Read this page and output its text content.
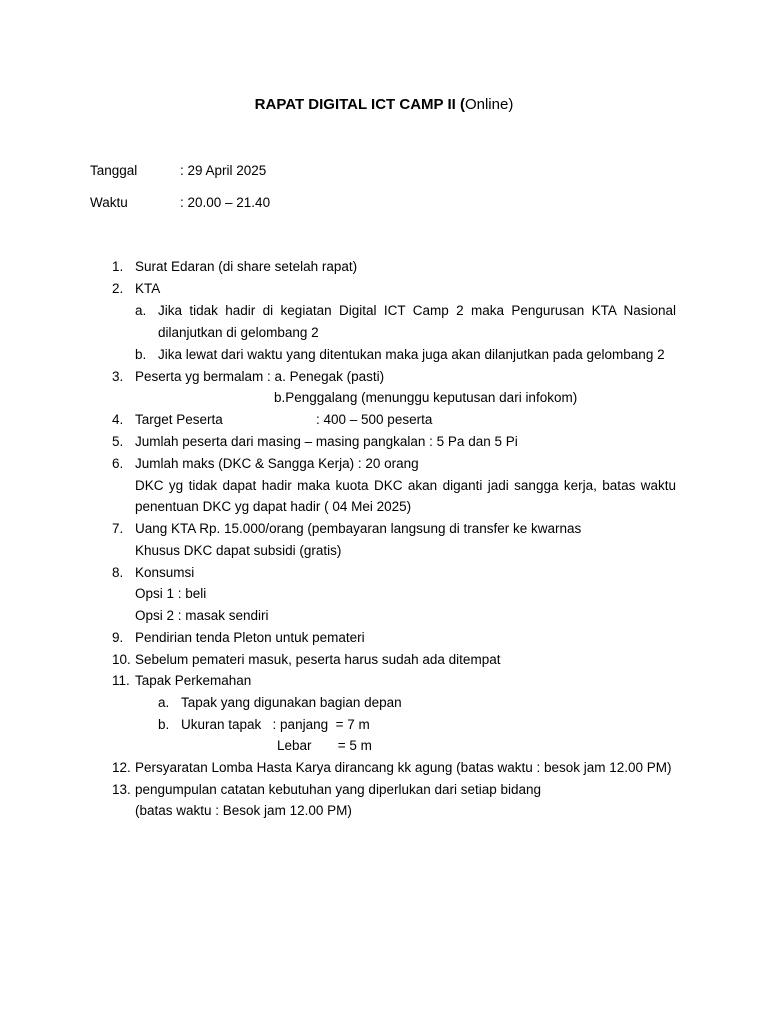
RAPAT DIGITAL ICT CAMP II (Online)
Tanggal	: 29 April 2025
Waktu	: 20.00 – 21.40
1. Surat Edaran (di share setelah rapat)
2. KTA
a. Jika tidak hadir di kegiatan Digital ICT Camp 2 maka Pengurusan KTA Nasional
dilanjutkan di gelombang 2
b. Jika lewat dari waktu yang ditentukan maka juga akan dilanjutkan pada gelombang 2
3. Peserta yg bermalam : a. Penegak (pasti)
b.Penggalang (menunggu keputusan dari infokom)
4. Target Peserta	: 400 – 500 peserta
5. Jumlah peserta dari masing – masing pangkalan : 5 Pa dan 5 Pi
6. Jumlah maks (DKC & Sangga Kerja) : 20 orang
DKC yg tidak dapat hadir maka kuota DKC akan diganti jadi sangga kerja, batas waktu
penentuan DKC yg dapat hadir ( 04 Mei 2025)
7. Uang KTA Rp. 15.000/orang (pembayaran langsung di transfer ke kwarnas
Khusus DKC dapat subsidi (gratis)
8. Konsumsi
Opsi 1 : beli
Opsi 2 : masak sendiri
9. Pendirian tenda Pleton untuk pemateri
10. Sebelum pemateri masuk, peserta harus sudah ada ditempat
11. Tapak Perkemahan
a. Tapak yang digunakan bagian depan
b. Ukuran tapak   : panjang  = 7 m
Lebar       = 5 m
12. Persyaratan Lomba Hasta Karya dirancang kk agung (batas waktu : besok jam 12.00 PM)
13. pengumpulan catatan kebutuhan yang diperlukan dari setiap bidang
(batas waktu : Besok jam 12.00 PM)
